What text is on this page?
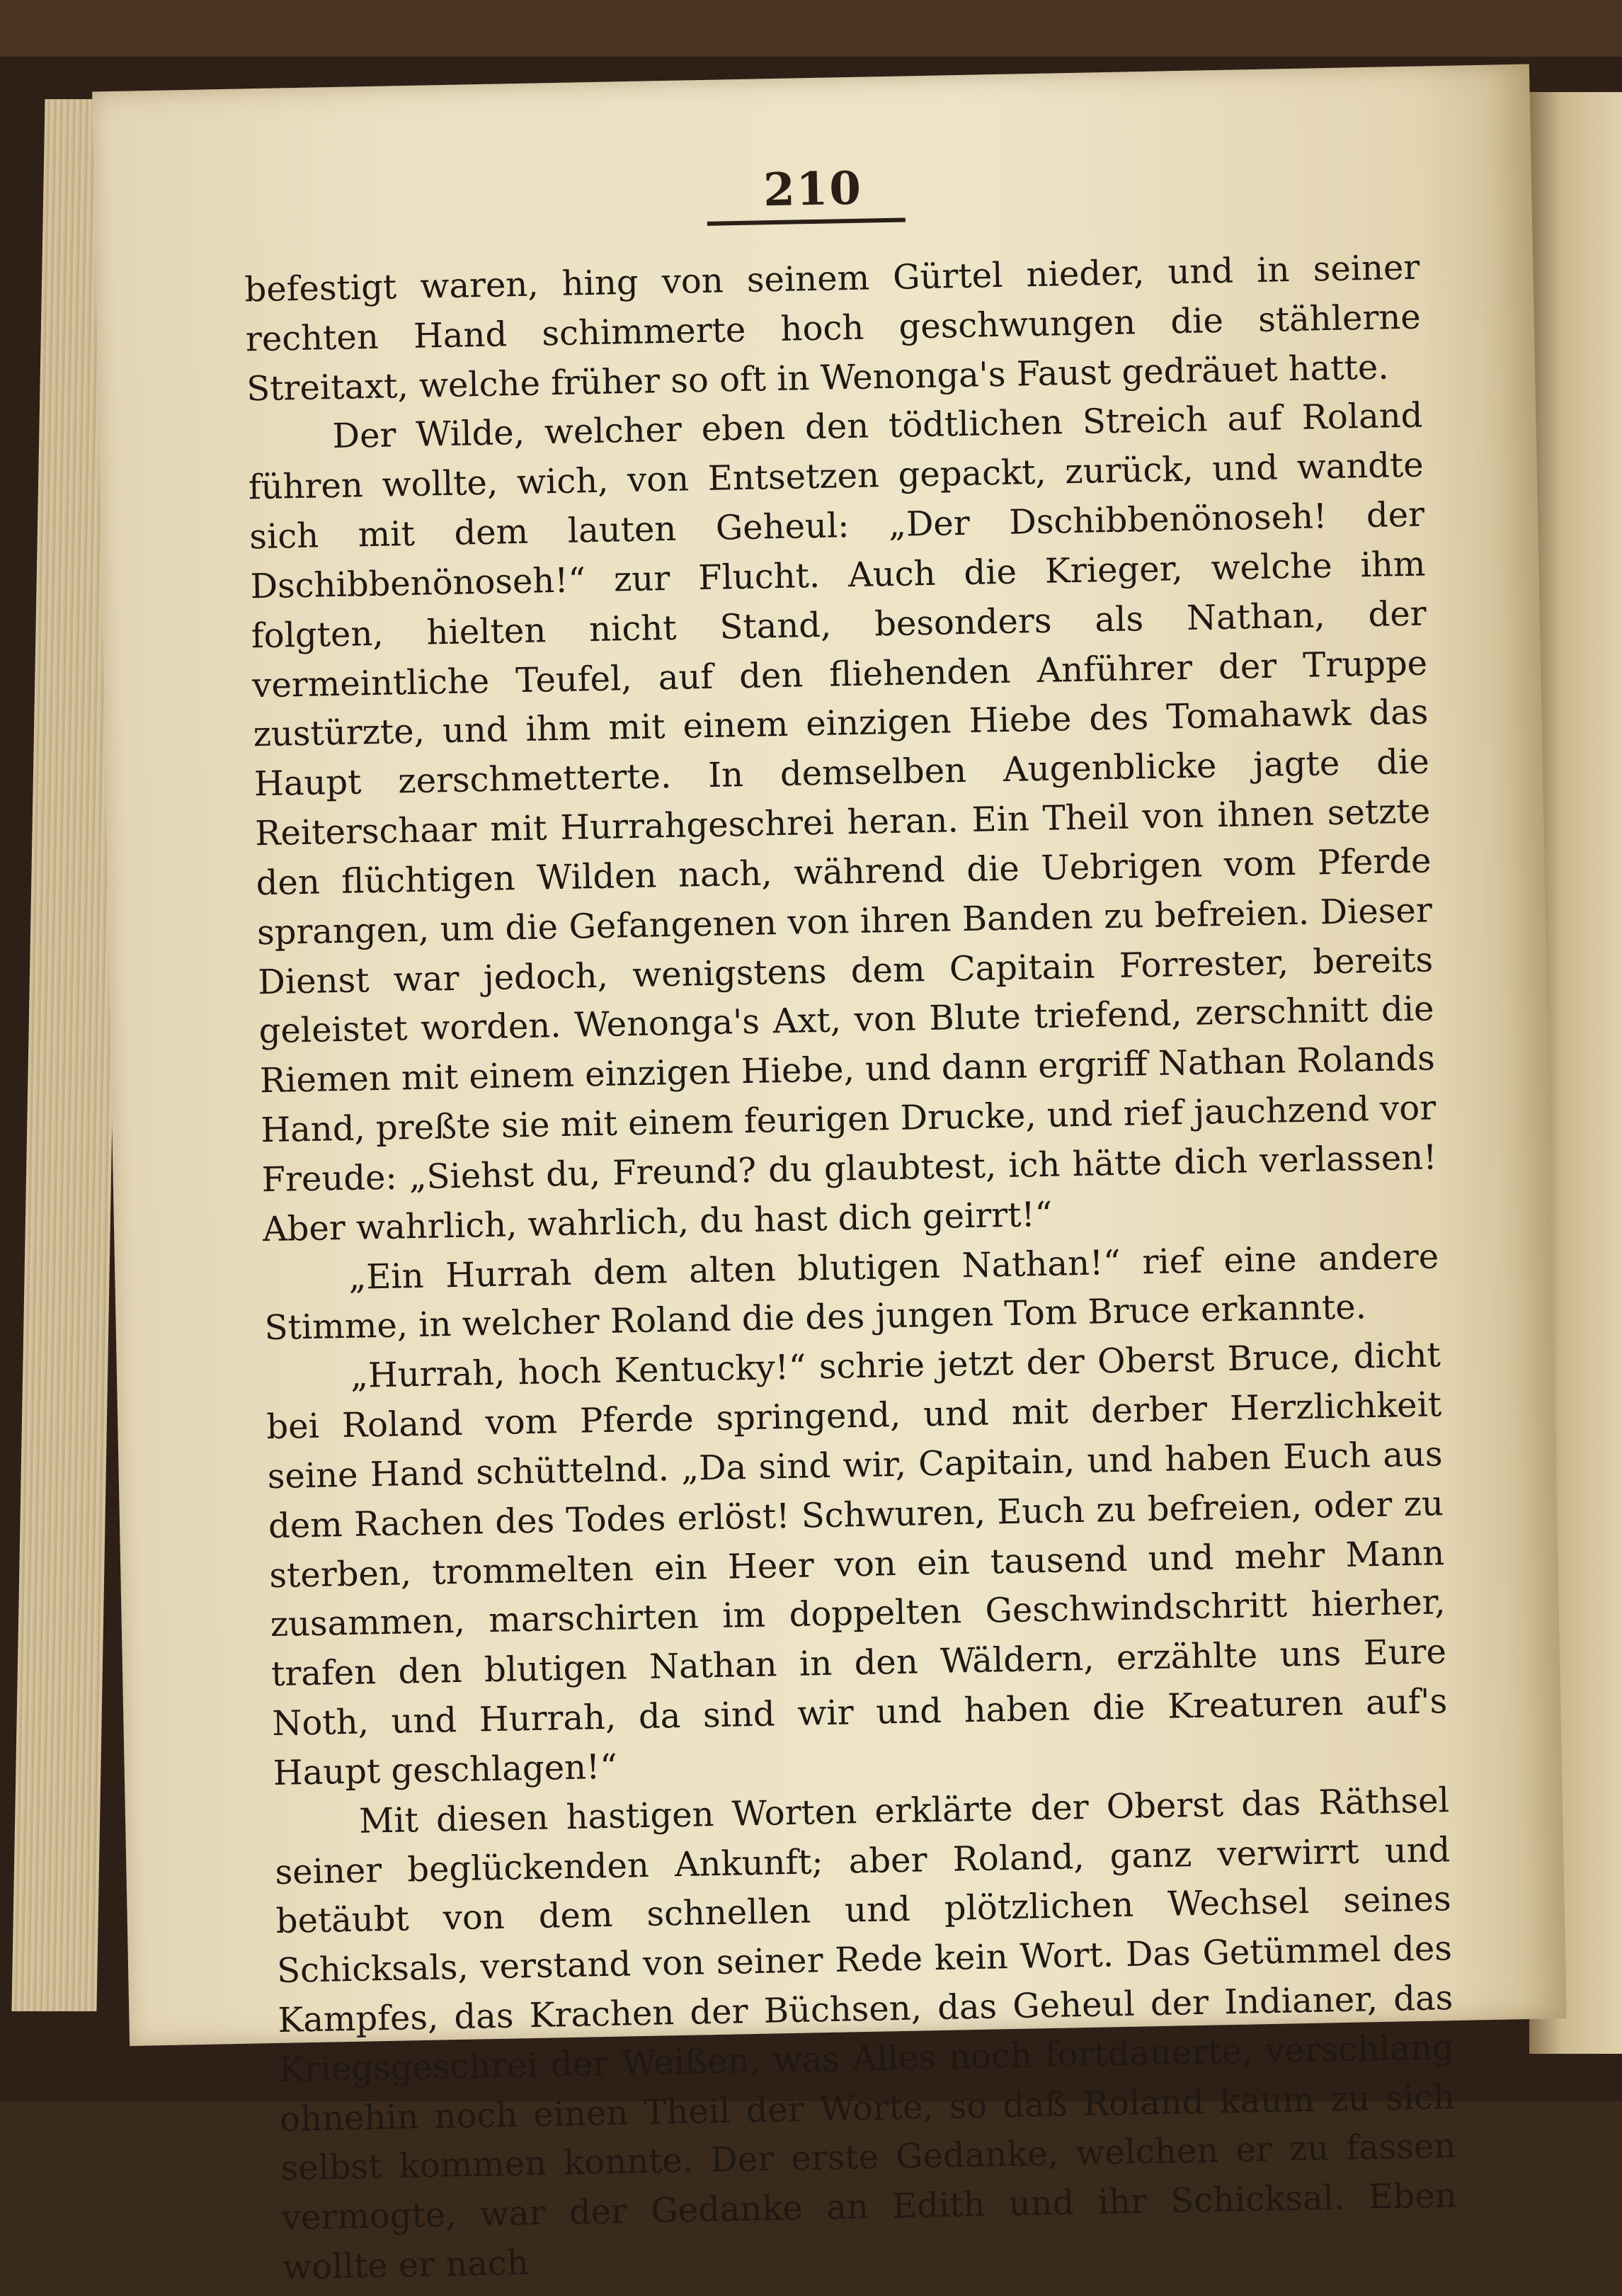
210

befestigt waren, hing von seinem Gürtel nieder, und in seiner rechten Hand schimmerte hoch geschwungen die stählerne Streitaxt, welche früher so oft in Wenonga's Faust gedräuet hatte.

Der Wilde, welcher eben den tödtlichen Streich auf Roland führen wollte, wich, von Entsetzen gepackt, zurück, und wandte sich mit dem lauten Geheul: „Der Dschibbenönoseh! der Dschibbenönoseh!“ zur Flucht. Auch die Krieger, welche ihm folgten, hielten nicht Stand, besonders als Nathan, der vermeintliche Teufel, auf den fliehenden Anführer der Truppe zustürzte, und ihm mit einem einzigen Hiebe des Tomahawk das Haupt zerschmetterte. In demselben Augenblicke jagte die Reiterschaar mit Hurrahgeschrei heran. Ein Theil von ihnen setzte den flüchtigen Wilden nach, während die Uebrigen vom Pferde sprangen, um die Gefangenen von ihren Banden zu befreien. Dieser Dienst war jedoch, wenigstens dem Capitain Forrester, bereits geleistet worden. Wenonga's Axt, von Blute triefend, zerschnitt die Riemen mit einem einzigen Hiebe, und dann ergriff Nathan Rolands Hand, preßte sie mit einem feurigen Drucke, und rief jauchzend vor Freude: „Siehst du, Freund? du glaubtest, ich hätte dich verlassen! Aber wahrlich, wahrlich, du hast dich geirrt!“

„Ein Hurrah dem alten blutigen Nathan!“ rief eine andere Stimme, in welcher Roland die des jungen Tom Bruce erkannte.

„Hurrah, hoch Kentucky!“ schrie jetzt der Oberst Bruce, dicht bei Roland vom Pferde springend, und mit derber Herzlichkeit seine Hand schüttelnd. „Da sind wir, Capitain, und haben Euch aus dem Rachen des Todes erlöst! Schwuren, Euch zu befreien, oder zu sterben, trommelten ein Heer von ein tausend und mehr Mann zusammen, marschirten im doppelten Geschwindschritt hierher, trafen den blutigen Nathan in den Wäldern, erzählte uns Eure Noth, und Hurrah, da sind wir und haben die Kreaturen auf's Haupt geschlagen!“

Mit diesen hastigen Worten erklärte der Oberst das Räthsel seiner beglückenden Ankunft; aber Roland, ganz verwirrt und betäubt von dem schnellen und plötzlichen Wechsel seines Schicksals, verstand von seiner Rede kein Wort. Das Getümmel des Kampfes, das Krachen der Büchsen, das Geheul der Indianer, das Kriegsgeschrei der Weißen, was Alles noch fortdauerte, verschlang ohnehin noch einen Theil der Worte, so daß Roland kaum zu sich selbst kommen konnte. Der erste Gedanke, welchen er zu fassen vermogte, war der Gedanke an Edith und ihr Schicksal. Eben wollte er nach
